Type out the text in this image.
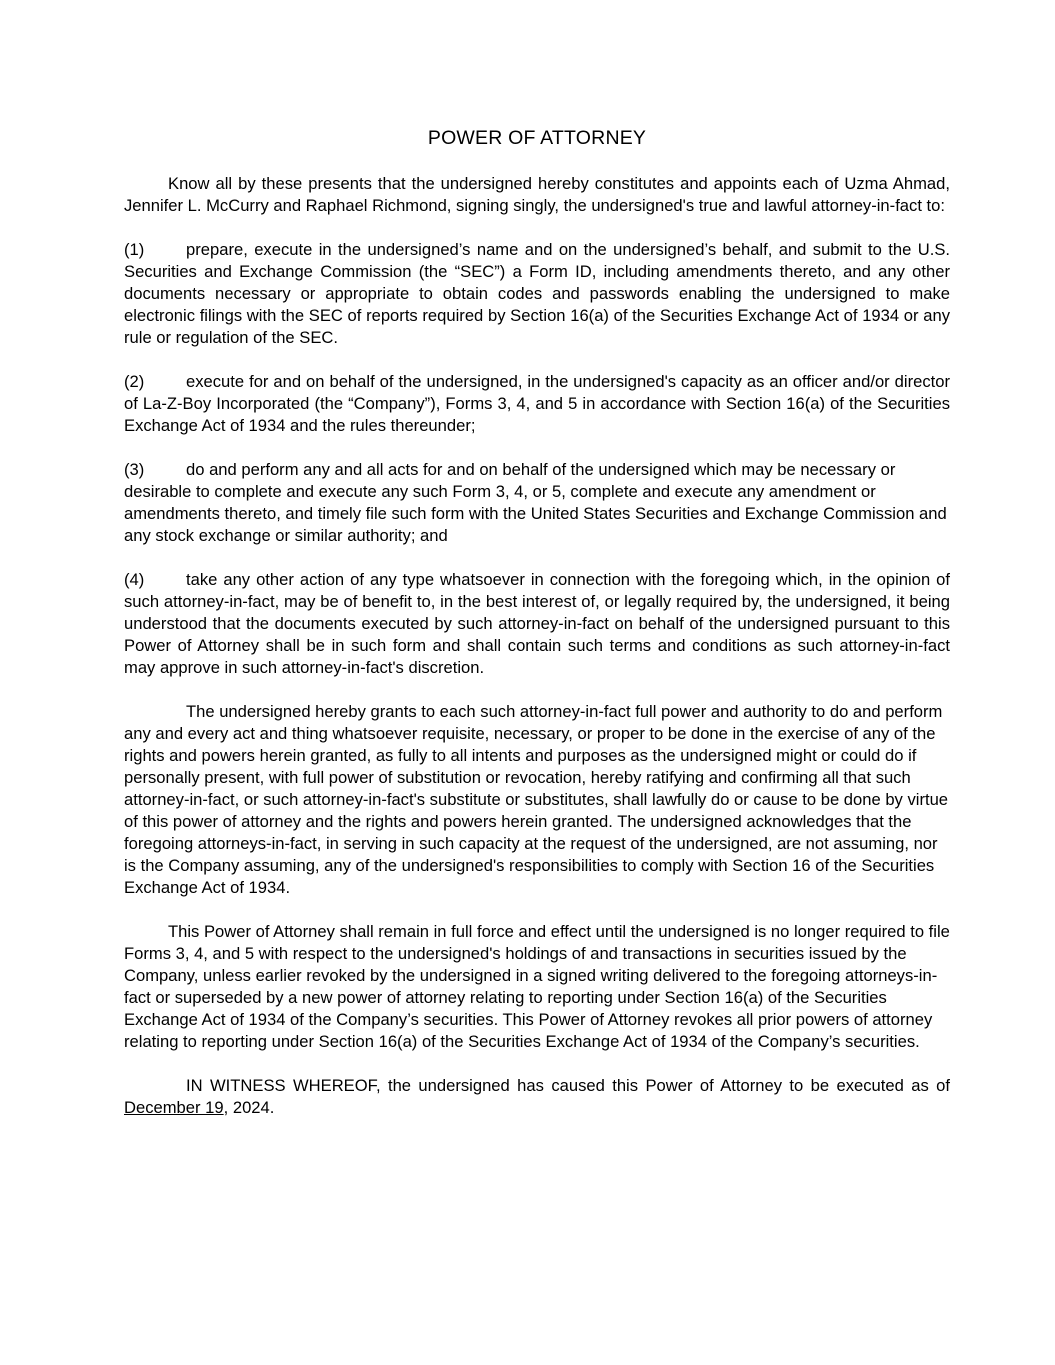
POWER OF ATTORNEY

Know all by these presents that the undersigned hereby constitutes and appoints each of Uzma Ahmad, Jennifer L. McCurry and Raphael Richmond, signing singly, the undersigned's true and lawful attorney-in-fact to:

(1)	prepare, execute in the undersigned’s name and on the undersigned’s behalf, and submit to the U.S. Securities and Exchange Commission (the “SEC”) a Form ID, including amendments thereto, and any other documents necessary or appropriate to obtain codes and passwords enabling the undersigned to make electronic filings with the SEC of reports required by Section 16(a) of the Securities Exchange Act of 1934 or any rule or regulation of the SEC.

(2)	execute for and on behalf of the undersigned, in the undersigned's capacity as an officer and/or director of La-Z-Boy Incorporated (the “Company”), Forms 3, 4, and 5 in accordance with Section 16(a) of the Securities Exchange Act of 1934 and the rules thereunder;

(3)	do and perform any and all acts for and on behalf of the undersigned which may be necessary or desirable to complete and execute any such Form 3, 4, or 5, complete and execute any amendment or amendments thereto, and timely file such form with the United States Securities and Exchange Commission and any stock exchange or similar authority; and

(4)	take any other action of any type whatsoever in connection with the foregoing which, in the opinion of such attorney-in-fact, may be of benefit to, in the best interest of, or legally required by, the undersigned, it being understood that the documents executed by such attorney-in-fact on behalf of the undersigned pursuant to this Power of Attorney shall be in such form and shall contain such terms and conditions as such attorney-in-fact may approve in such attorney-in-fact's discretion.

The undersigned hereby grants to each such attorney-in-fact full power and authority to do and perform any and every act and thing whatsoever requisite, necessary, or proper to be done in the exercise of any of the rights and powers herein granted, as fully to all intents and purposes as the undersigned might or could do if personally present, with full power of substitution or revocation, hereby ratifying and confirming all that such attorney-in-fact, or such attorney-in-fact's substitute or substitutes, shall lawfully do or cause to be done by virtue of this power of attorney and the rights and powers herein granted. The undersigned acknowledges that the foregoing attorneys-in-fact, in serving in such capacity at the request of the undersigned, are not assuming, nor is the Company assuming, any of the undersigned's responsibilities to comply with Section 16 of the Securities Exchange Act of 1934.

This Power of Attorney shall remain in full force and effect until the undersigned is no longer required to file Forms 3, 4, and 5 with respect to the undersigned's holdings of and transactions in securities issued by the Company, unless earlier revoked by the undersigned in a signed writing delivered to the foregoing attorneys-in-fact or superseded by a new power of attorney relating to reporting under Section 16(a) of the Securities Exchange Act of 1934 of the Company’s securities. This Power of Attorney revokes all prior powers of attorney relating to reporting under Section 16(a) of the Securities Exchange Act of 1934 of the Company’s securities.

IN WITNESS WHEREOF, the undersigned has caused this Power of Attorney to be executed as of December 19, 2024.
